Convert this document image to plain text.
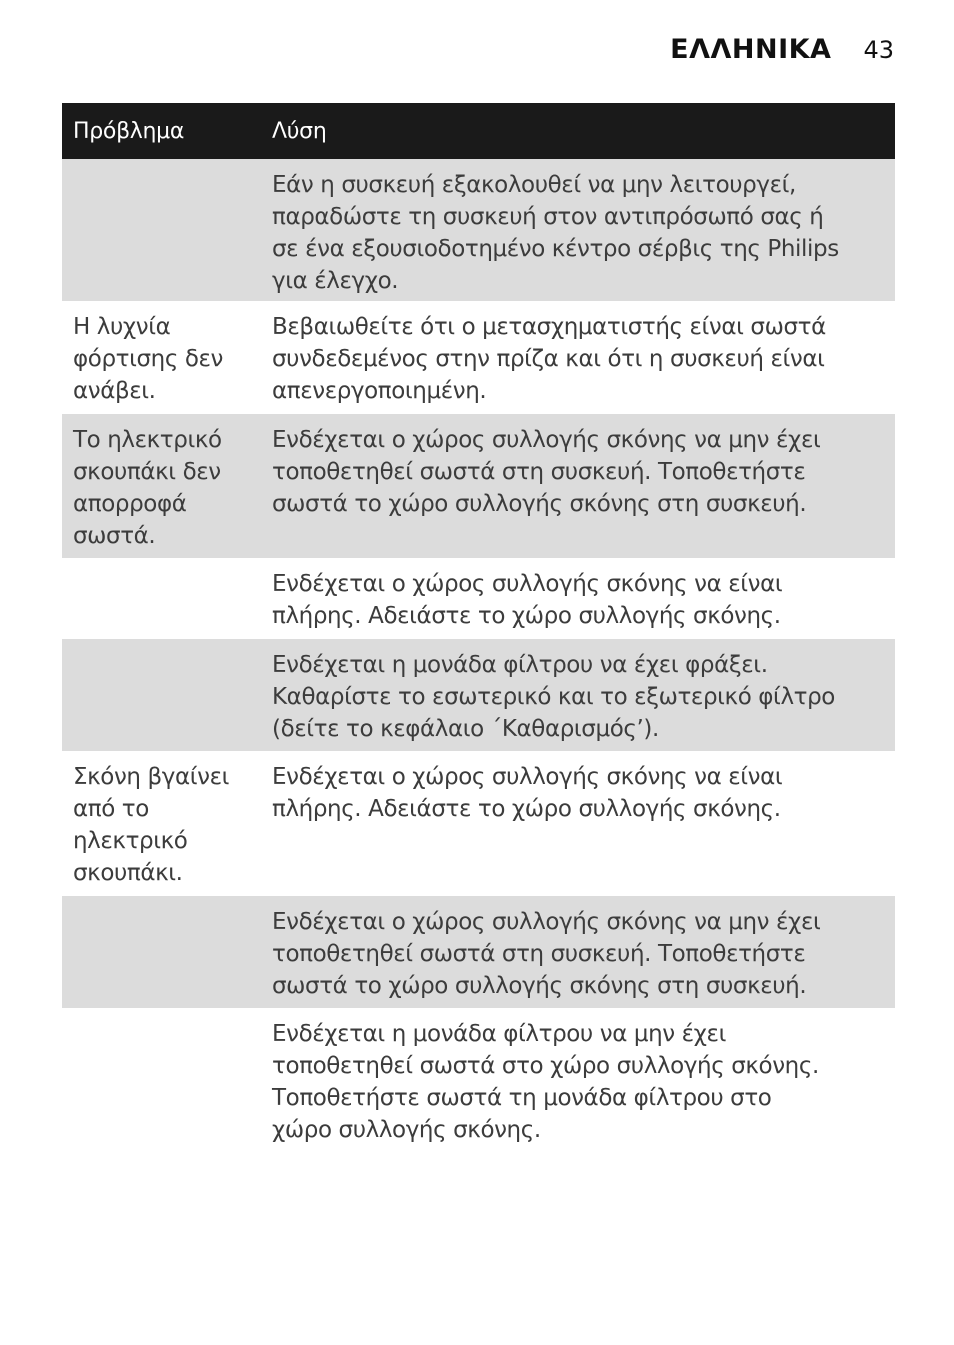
ΕΛΛΗΝΙΚΑ 43
Πρόβλημα	Λύση
Εάν η συσκευή εξακολουθεί να μην λειτουργεί,
παραδώστε τη συσκευή στον αντιπρόσωπό σας ή
σε ένα εξουσιοδοτημένο κέντρο σέρβις της Philips
για έλεγχο.
Η λυχνία
φόρτισης δεν
ανάβει.
Βεβαιωθείτε ότι ο μετασχηματιστής είναι σωστά
συνδεδεμένος στην πρίζα και ότι η συσκευή είναι
απενεργοποιημένη.
Το ηλεκτρικό
σκουπάκι δεν
απορροφά
σωστά.
Ενδέχεται ο χώρος συλλογής σκόνης να μην έχει
τοποθετηθεί σωστά στη συσκευή. Τοποθετήστε
σωστά το χώρο συλλογής σκόνης στη συσκευή.
Ενδέχεται ο χώρος συλλογής σκόνης να είναι
πλήρης. Αδειάστε το χώρο συλλογής σκόνης.
Ενδέχεται η μονάδα φίλτρου να έχει φράξει.
Καθαρίστε το εσωτερικό και το εξωτερικό φίλτρο
(δείτε το κεφάλαιο ΄Καθαρισμός’).
Σκόνη βγαίνει
από το
ηλεκτρικό
σκουπάκι.
Ενδέχεται ο χώρος συλλογής σκόνης να είναι
πλήρης. Αδειάστε το χώρο συλλογής σκόνης.
Ενδέχεται ο χώρος συλλογής σκόνης να μην έχει
τοποθετηθεί σωστά στη συσκευή. Τοποθετήστε
σωστά το χώρο συλλογής σκόνης στη συσκευή.
Ενδέχεται η μονάδα φίλτρου να μην έχει
τοποθετηθεί σωστά στο χώρο συλλογής σκόνης.
Τοποθετήστε σωστά τη μονάδα φίλτρου στο
χώρο συλλογής σκόνης.
